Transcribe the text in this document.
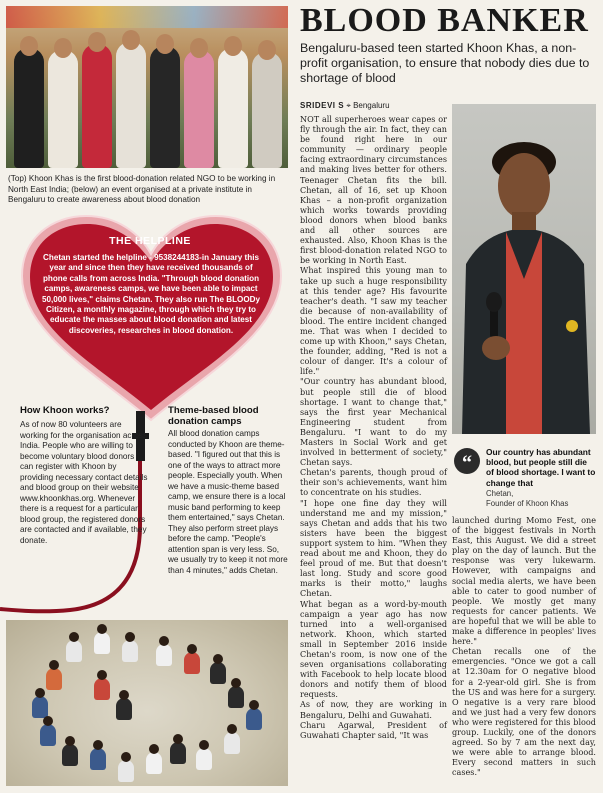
(Top) Khoon Khas is the first blood-donation related NGO to be working in North East India; (below) an event organised at a private institute in Bengaluru to create awareness about blood donation
THE HELPLINE
Chetan started the helpline - 9538244183-in January this year and since then they have received thousands of phone calls from across India. "Through blood donation camps, awareness camps, we have been able to impact 50,000 lives," claims Chetan. They also run The BLOODy Citizen, a monthly magazine, through which they try to educate the masses about blood donation and latest discoveries, researches in blood donation.
How Khoon works?
As of now 80 volunteers are working for the organisation across India. People who are willing to become voluntary blood donors can register with Khoon by providing necessary contact details and blood group on their website www.khoonkhas.org. Whenever there is a request for a particular blood group, the registered donors are contacted and if available, they donate.
Theme-based blood donation camps
All blood donation camps conducted by Khoon are theme-based. "I figured out that this is one of the ways to attract more people. Especially youth. When we have a music-theme based camp, we ensure there is a local music band performing to keep them entertained," says Chetan. They also perform street plays before the camp. "People's attention span is very less. So, we usually try to keep it not more than 4 minutes," adds Chetan.
BLOOD BANKER
Bengaluru-based teen started Khoon Khas, a non-profit organisation, to ensure that nobody dies due to shortage of blood
SRIDEVI S ⌖ Bengaluru

NOT all superheroes wear capes or fly through the air. In fact, they can be found right here in our community — ordinary people facing extraordinary circumstances and making lives better for others. Teenager Chetan fits the bill. Chetan, all of 16, set up Khoon Khas – a non-profit organization which works towards providing blood donors when blood banks and all other sources are exhausted. Also, Khoon Khas is the first blood-donation related NGO to be working in North East.
What inspired this young man to take up such a huge responsibility at this tender age? His favourite teacher's death. "I saw my teacher die because of non-availability of blood. The entire incident changed me. That was when I decided to come up with Khoon," says Chetan, the founder, adding, "Red is not a colour of danger. It's a colour of life."
"Our country has abundant blood, but people still die of blood shortage. I want to change that," says the first year Mechanical Engineering student from Bengaluru. "I want to do my Masters in Social Work and get involved in betterment of society," Chetan says.
Chetan's parents, though proud of their son's achievements, want him to concentrate on his studies.
"I hope one fine day they will understand me and my mission," says Chetan and adds that his two sisters have been the biggest support system to him. "When they read about me and Khoon, they do feel proud of me. But that doesn't last long. Study and score good marks is their motto," laughs Chetan.
What began as a word-by-mouth campaign a year ago has now turned into a well-organised network. Khoon, which started small in September 2016 inside Chetan's room, is now one of the seven organisations collaborating with Facebook to help locate blood donors and notify them of blood requests.
As of now, they are working in Bengaluru, Delhi and Guwahati.
Charu Agarwal, President of Guwahati Chapter said, "It was

“	Our country has abundant blood, but people still die of blood shortage. I want to change that
Chetan,
Founder of Khoon Khas

launched during Momo Fest, one of the biggest festivals in North East, this August. We did a street play on the day of launch. But the response was very lukewarm. However, with campaigns and social media alerts, we have been able to cater to good number of people. We mostly get many requests for cancer patients. We are hopeful that we will be able to make a difference in peoples' lives here."
Chetan recalls one of the emergencies. "Once we got a call at 12.30am for O negative blood for a 2-year-old girl. She is from the US and was here for a surgery. O negative is a very rare blood and we just had a very few donors who were registered for this blood group. Luckily, one of the donors agreed. So by 7 am the next day, we were able to arrange blood. Every second matters in such cases."
